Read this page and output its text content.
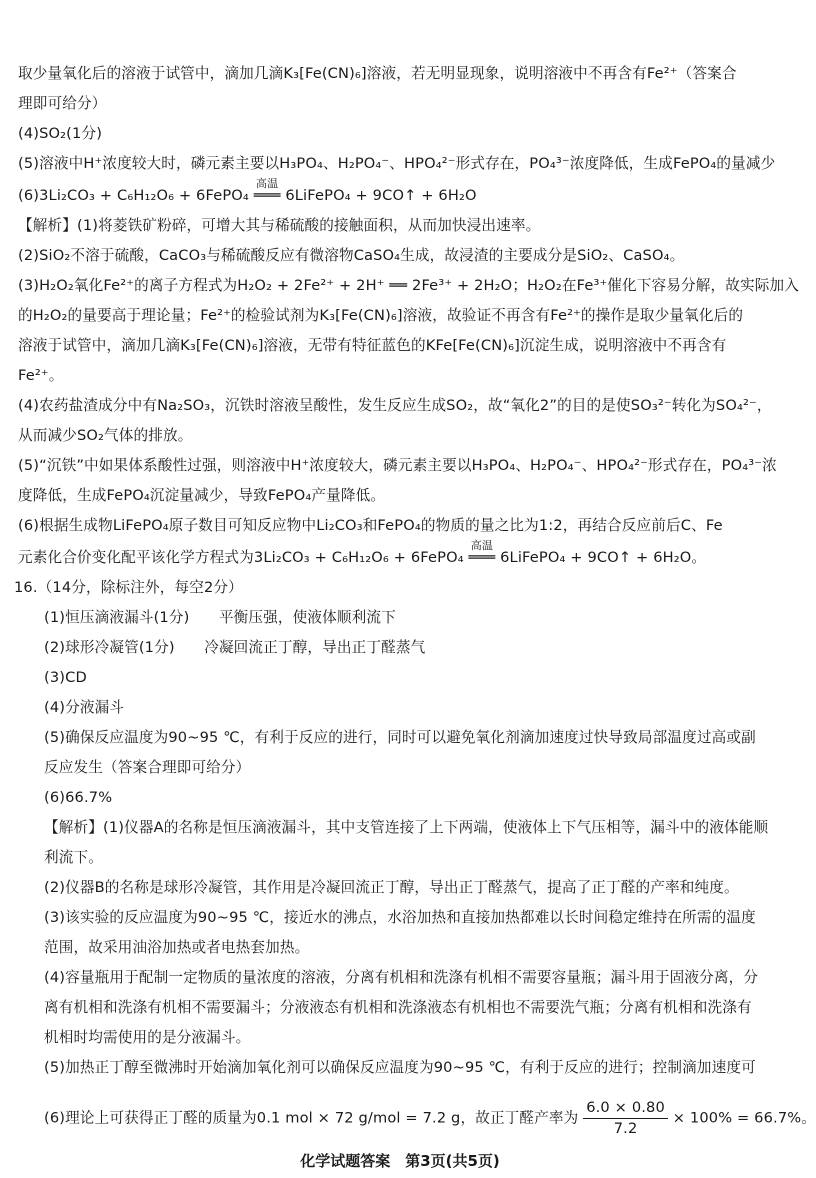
取少量氧化后的溶液于试管中，滴加几滴K₃[Fe(CN)₆]溶液，若无明显现象，说明溶液中不再含有Fe²⁺（答案合
理即可给分）
(4)SO₂(1分)
(5)溶液中H⁺浓度较大时，磷元素主要以H₃PO₄、H₂PO₄⁻、HPO₄²⁻形式存在，PO₄³⁻浓度降低，生成FePO₄的量减少
(6)3Li₂CO₃ + C₆H₁₂O₆ + 6FePO₄
高温
═══ 6LiFePO₄ + 9CO↑ + 6H₂O
【解析】(1)将菱铁矿粉碎，可增大其与稀硫酸的接触面积，从而加快浸出速率。
(2)SiO₂不溶于硫酸，CaCO₃与稀硫酸反应有微溶物CaSO₄生成，故浸渣的主要成分是SiO₂、CaSO₄。
(3)H₂O₂氧化Fe²⁺的离子方程式为H₂O₂ + 2Fe²⁺ + 2H⁺ ══ 2Fe³⁺ + 2H₂O；H₂O₂在Fe³⁺催化下容易分解，故实际加入
的H₂O₂的量要高于理论量；Fe²⁺的检验试剂为K₃[Fe(CN)₆]溶液，故验证不再含有Fe²⁺的操作是取少量氧化后的
溶液于试管中，滴加几滴K₃[Fe(CN)₆]溶液，无带有特征蓝色的KFe[Fe(CN)₆]沉淀生成，说明溶液中不再含有
Fe²⁺。
(4)农药盐渣成分中有Na₂SO₃，沉铁时溶液呈酸性，发生反应生成SO₂，故“氧化2”的目的是使SO₃²⁻转化为SO₄²⁻，
从而减少SO₂气体的排放。
(5)“沉铁”中如果体系酸性过强，则溶液中H⁺浓度较大，磷元素主要以H₃PO₄、H₂PO₄⁻、HPO₄²⁻形式存在，PO₄³⁻浓
度降低，生成FePO₄沉淀量减少，导致FePO₄产量降低。
(6)根据生成物LiFePO₄原子数目可知反应物中Li₂CO₃和FePO₄的物质的量之比为1:2，再结合反应前后C、Fe
元素化合价变化配平该化学方程式为3Li₂CO₃ + C₆H₁₂O₆ + 6FePO₄
高温
═══ 6LiFePO₄ + 9CO↑ + 6H₂O。
16.（14分，除标注外，每空2分）
(1)恒压滴液漏斗(1分)　　平衡压强，使液体顺利流下
(2)球形冷凝管(1分)　　冷凝回流正丁醇，导出正丁醛蒸气
(3)CD
(4)分液漏斗
(5)确保反应温度为90~95 ℃，有利于反应的进行，同时可以避免氧化剂滴加速度过快导致局部温度过高或副
反应发生（答案合理即可给分）
(6)66.7%
【解析】(1)仪器A的名称是恒压滴液漏斗，其中支管连接了上下两端，使液体上下气压相等，漏斗中的液体能顺
利流下。
(2)仪器B的名称是球形冷凝管，其作用是冷凝回流正丁醇，导出正丁醛蒸气，提高了正丁醛的产率和纯度。
(3)该实验的反应温度为90~95 ℃，接近水的沸点，水浴加热和直接加热都难以长时间稳定维持在所需的温度
范围，故采用油浴加热或者电热套加热。
(4)容量瓶用于配制一定物质的量浓度的溶液，分离有机相和洗涤有机相不需要容量瓶；漏斗用于固液分离，分
离有机相和洗涤有机相不需要漏斗；分液液态有机相和洗涤液态有机相也不需要洗气瓶；分离有机相和洗涤有
机相时均需使用的是分液漏斗。
(5)加热正丁醇至微沸时开始滴加氧化剂可以确保反应温度为90~95 ℃，有利于反应的进行；控制滴加速度可
(6)理论上可获得正丁醛的质量为0.1 mol × 72 g/mol = 7.2 g，故正丁醛产率为 $\frac{6.0 \times 0.80}{7.2} \times 100\% = 66.7\%$。
化学试题答案　第3页(共5页)
